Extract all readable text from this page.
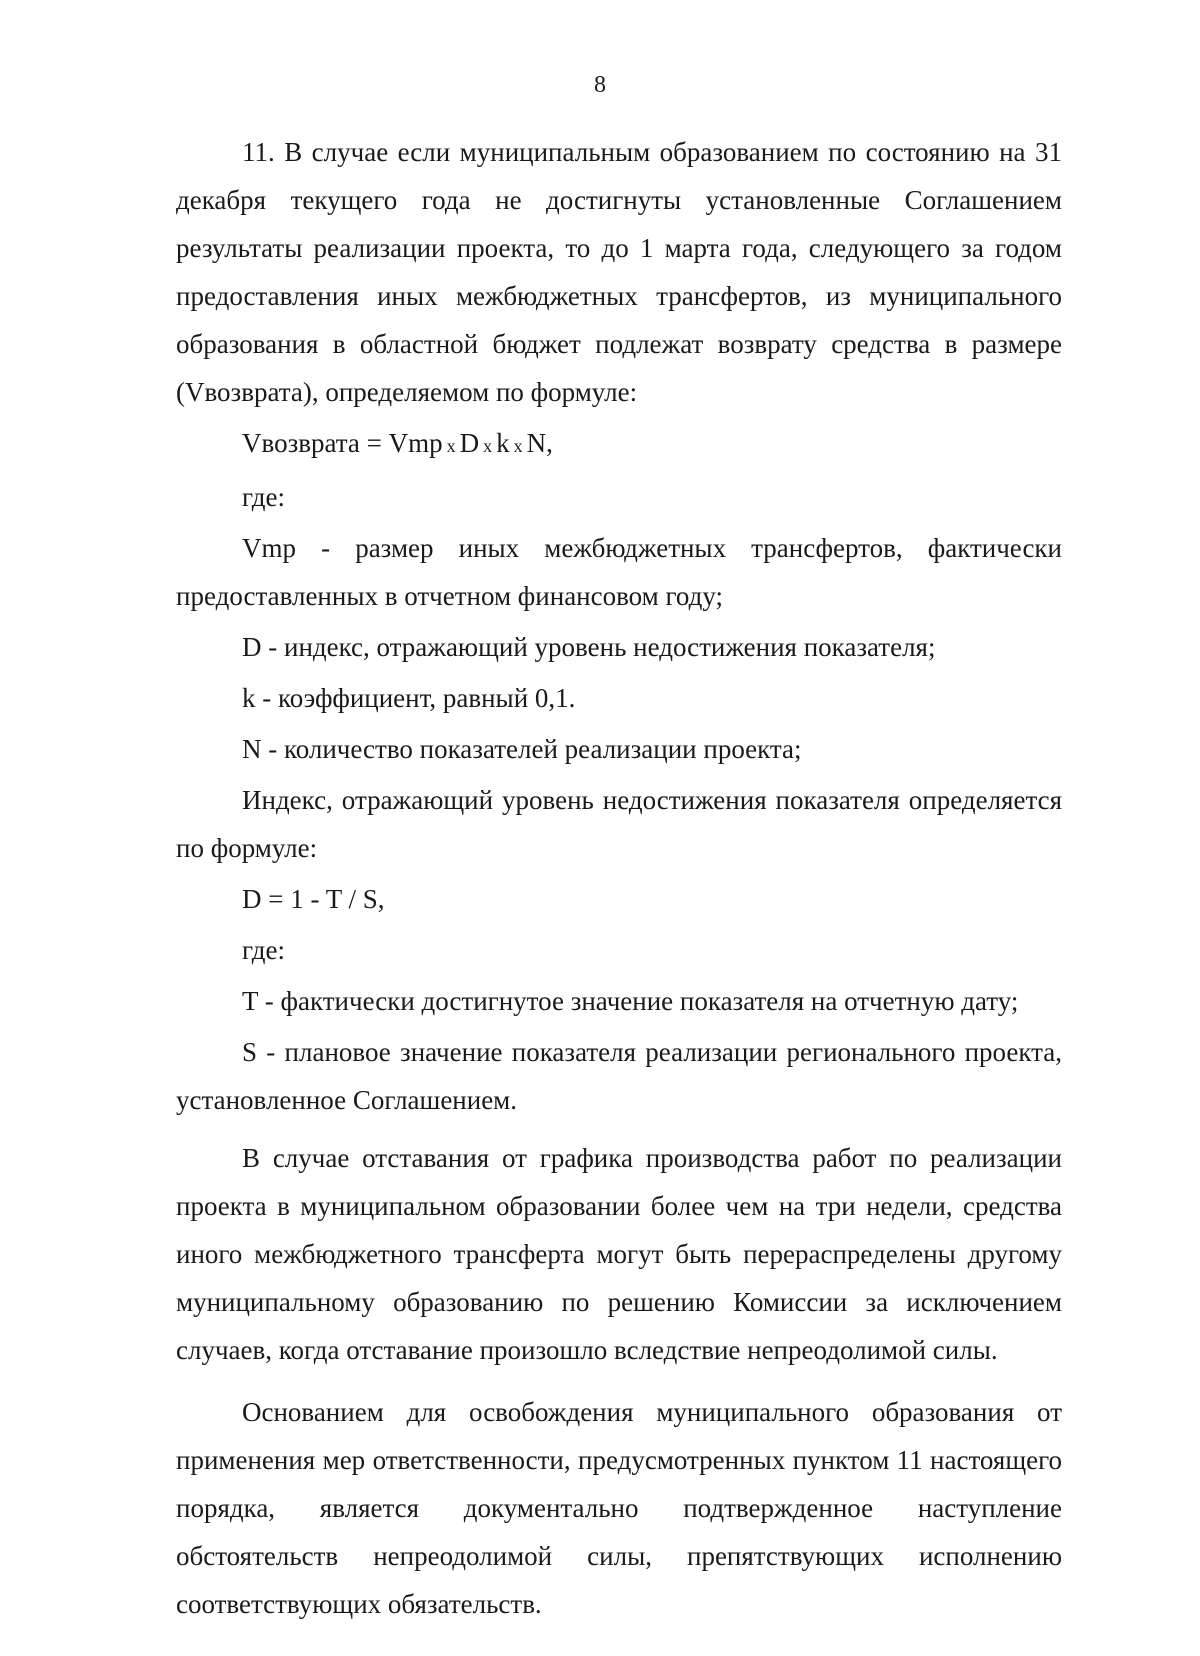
8

11. В случае если муниципальным образованием по состоянию на 31 декабря текущего года не достигнуты установленные Соглашением результаты реализации проекта, то до 1 марта года, следующего за годом предоставления иных межбюджетных трансфертов, из муниципального образования в областной бюджет подлежат возврату средства в размере (Vвозврата), определяемом по формуле:

Vвозврата = Vmp x D x k x N,

где:

Vmp - размер иных межбюджетных трансфертов, фактически предоставленных в отчетном финансовом году;

D - индекс, отражающий уровень недостижения показателя;

k - коэффициент, равный 0,1.

N - количество показателей реализации проекта;

Индекс, отражающий уровень недостижения показателя определяется по формуле:

D = 1 - T / S,

где:

T - фактически достигнутое значение показателя на отчетную дату;

S - плановое значение показателя реализации регионального проекта, установленное Соглашением.

В случае отставания от графика производства работ по реализации проекта в муниципальном образовании более чем на три недели, средства иного межбюджетного трансферта могут быть перераспределены другому муниципальному образованию по решению Комиссии за исключением случаев, когда отставание произошло вследствие непреодолимой силы.

Основанием для освобождения муниципального образования от применения мер ответственности, предусмотренных пунктом 11 настоящего порядка, является документально подтвержденное наступление обстоятельств непреодолимой силы, препятствующих исполнению соответствующих обязательств.
